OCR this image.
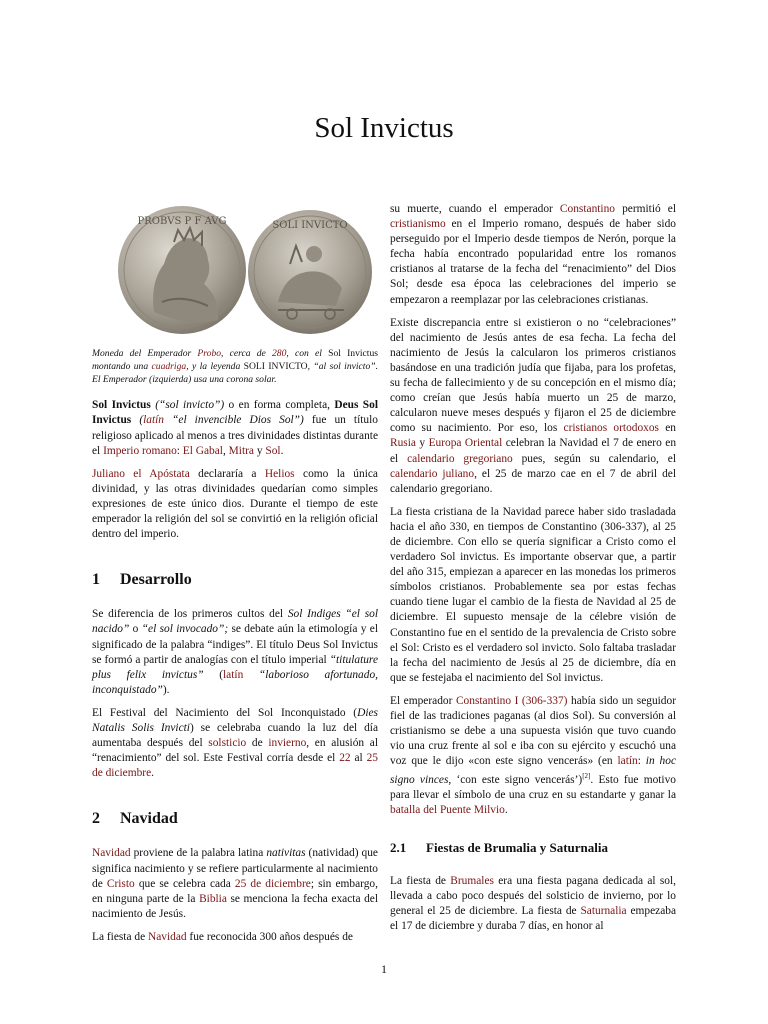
Sol Invictus
PROBVS P F AVG	SOLI INVICTO

Moneda del Emperador Probo, cerca de 280, con el Sol Invictus montando una cuadriga, y la leyenda SOLI INVICTO, “al sol invicto”. El Emperador (izquierda) usa una corona solar.

Sol Invictus (“sol invicto”) o en forma completa, Deus Sol Invictus (latín “el invencible Dios Sol”) fue un título religioso aplicado al menos a tres divinidades distintas durante el Imperio romano: El Gabal, Mitra y Sol.

Juliano el Apóstata declararía a Helios como la única divinidad, y las otras divinidades quedarían como simples expresiones de este único dios. Durante el tiempo de este emperador la religión del sol se convirtió en la religión oficial dentro del imperio.

1 Desarrollo

Se diferencia de los primeros cultos del Sol Indiges “el sol nacido” o “el sol invocado”; se debate aún la etimología y el significado de la palabra “indiges”. El título Deus Sol Invictus se formó a partir de analogías con el título imperial “titulature plus felix invictus” (latín “laborioso afortunado, inconquistado”).

El Festival del Nacimiento del Sol Inconquistado (Dies Natalis Solis Invicti) se celebraba cuando la luz del día aumentaba después del solsticio de invierno, en alusión al “renacimiento” del sol. Este Festival corría desde el 22 al 25 de diciembre.

2 Navidad

Navidad proviene de la palabra latina nativitas (natividad) que significa nacimiento y se refiere particularmente al nacimiento de Cristo que se celebra cada 25 de diciembre; sin embargo, en ninguna parte de la Biblia se menciona la fecha exacta del nacimiento de Jesús.

La fiesta de Navidad fue reconocida 300 años después de

su muerte, cuando el emperador Constantino permitió el cristianismo en el Imperio romano, después de haber sido perseguido por el Imperio desde tiempos de Nerón, porque la fecha había encontrado popularidad entre los romanos cristianos al tratarse de la fecha del “renacimiento” del Dios Sol; desde esa época las celebraciones del imperio se empezaron a reemplazar por las celebraciones cristianas.

Existe discrepancia entre si existieron o no “celebraciones” del nacimiento de Jesús antes de esa fecha. La fecha del nacimiento de Jesús la calcularon los primeros cristianos basándose en una tradición judía que fijaba, para los profetas, su fecha de fallecimiento y de su concepción en el mismo día; como creían que Jesús había muerto un 25 de marzo, calcularon nueve meses después y fijaron el 25 de diciembre como su nacimiento. Por eso, los cristianos ortodoxos en Rusia y Europa Oriental celebran la Navidad el 7 de enero en el calendario gregoriano pues, según su calendario, el calendario juliano, el 25 de marzo cae en el 7 de abril del calendario gregoriano.

La fiesta cristiana de la Navidad parece haber sido trasladada hacia el año 330, en tiempos de Constantino (306-337), al 25 de diciembre. Con ello se quería significar a Cristo como el verdadero Sol invictus. Es importante observar que, a partir del año 315, empiezan a aparecer en las monedas los primeros símbolos cristianos. Probablemente sea por estas fechas cuando tiene lugar el cambio de la fiesta de Navidad al 25 de diciembre. El supuesto mensaje de la célebre visión de Constantino fue en el sentido de la prevalencia de Cristo sobre el Sol: Cristo es el verdadero sol invicto. Solo faltaba trasladar la fecha del nacimiento de Jesús al 25 de diciembre, día en que se festejaba el nacimiento del Sol invictus.

El emperador Constantino I (306-337) había sido un seguidor fiel de las tradiciones paganas (al dios Sol). Su conversión al cristianismo se debe a una supuesta visión que tuvo cuando vio una cruz frente al sol e iba con su ejército y escuchó una voz que le dijo «con este signo vencerás» (en latín: in hoc signo vinces, ‘con este signo vencerás’)[2]. Esto fue motivo para llevar el símbolo de una cruz en su estandarte y ganar la batalla del Puente Milvio.

2.1 Fiestas de Brumalia y Saturnalia

La fiesta de Brumales era una fiesta pagana dedicada al sol, llevada a cabo poco después del solsticio de invierno, por lo general el 25 de diciembre. La fiesta de Saturnalia empezaba el 17 de diciembre y duraba 7 días, en honor al

1
